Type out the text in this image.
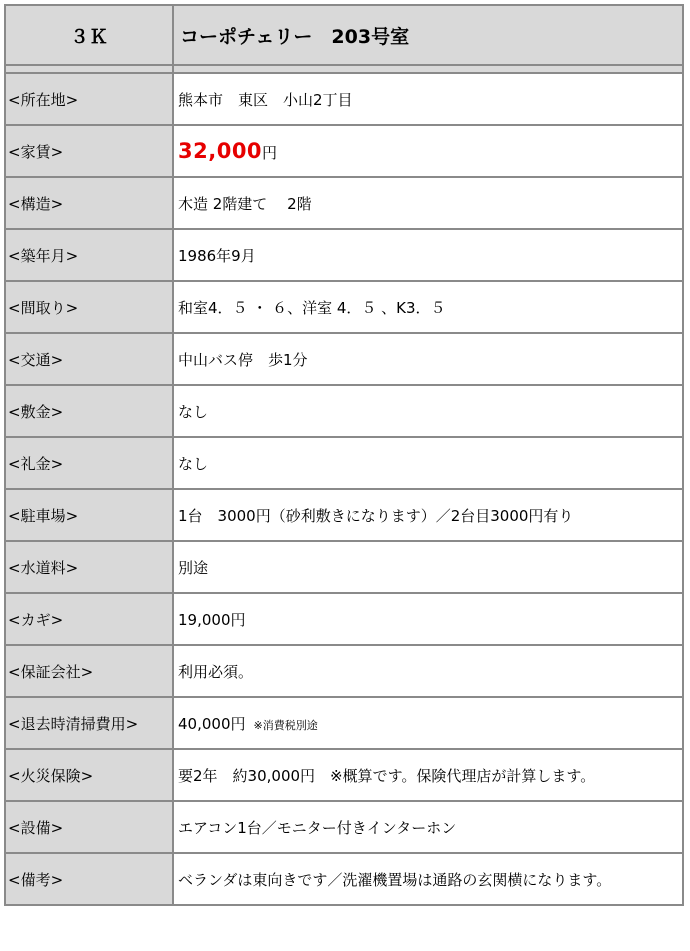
３Ｋ	コーポチェリー　203号室

<所在地>	熊本市　東区　小山2丁目
<家賃>	32,000円
<構造>	木造 2階建て　 2階
<築年月>	1986年9月
<間取り>	和室4．５ ・ ６、洋室 4．５ 、K3．５
<交通>	中山バス停　歩1分
<敷金>	なし
<礼金>	なし
<駐車場>	1台　3000円（砂利敷きになります）／2台目3000円有り
<水道料>	別途
<カギ>	19,000円
<保証会社>	利用必須。
<退去時清掃費用>	40,000円 ※消費税別途
<火災保険>	要2年　約30,000円　※概算です。保険代理店が計算します。
<設備>	エアコン1台／モニター付きインターホン
<備考>	ベランダは東向きです／洗濯機置場は通路の玄関横になります。
